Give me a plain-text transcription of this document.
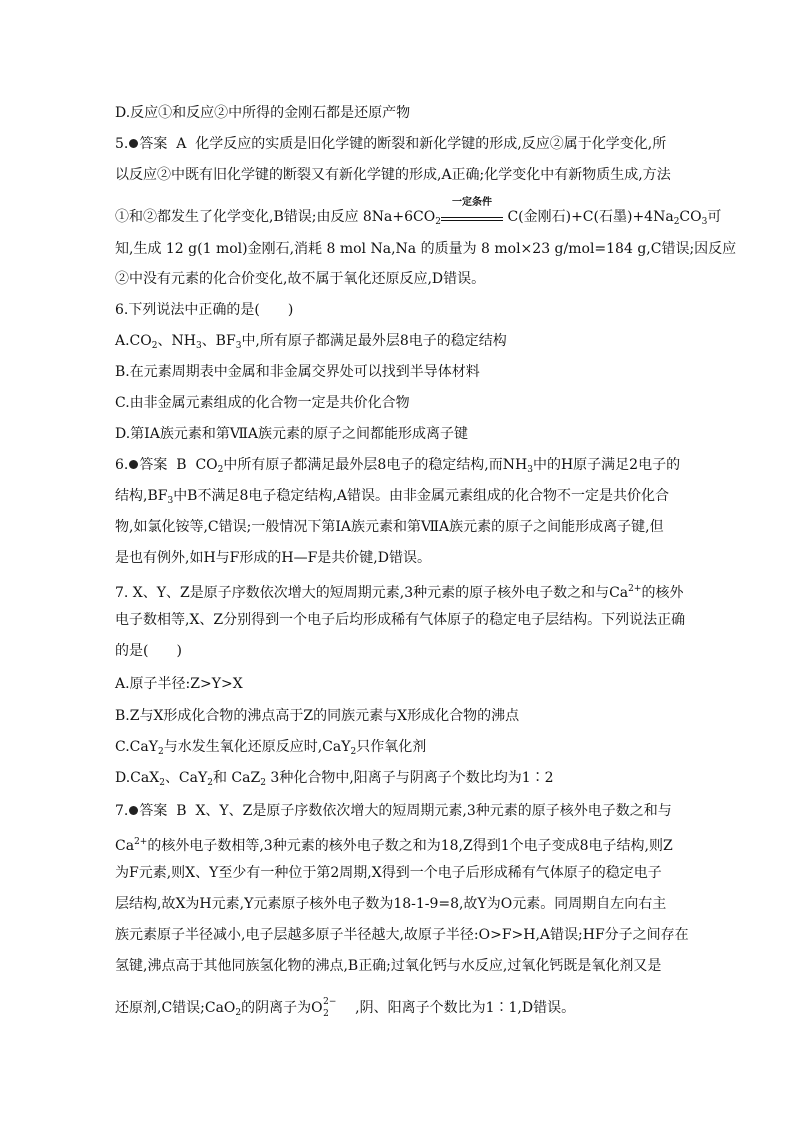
D.反应①和反应②中所得的金刚石都是还原产物
5. 答案 A 化学反应的实质是旧化学键的断裂和新化学键的形成,反应②属于化学变化,所
以反应②中既有旧化学键的断裂又有新化学键的形成,A正确;化学变化中有新物质生成,方法
①和②都发生了化学变化,B错误;由反应 $8Na+6CO_2$
一定条件
C(金刚石)+C(石墨)$+4Na_2CO_3$可
知,生成 12 g(1 mol)金刚石,消耗 8 mol Na,Na 的质量为 8 mol×23 g/mol=184 g,C错误;因反应
②中没有元素的化合价变化,故不属于氧化还原反应,D错误。
6.下列说法中正确的是(　　)
$A.CO_2$、$NH_3$、$BF_3$中,所有原子都满足最外层8电子的稳定结构
B.在元素周期表中金属和非金属交界处可以找到半导体材料
C.由非金属元素组成的化合物一定是共价化合物
D.第ⅠA族元素和第ⅦA族元素的原子之间都能形成离子键
6. 答案 B $CO_2$中所有原子都满足最外层8电子的稳定结构,而$NH_3$中的H原子满足2电子的
结构$,BF_3$中B不满足8电子稳定结构,A错误。由非金属元素组成的化合物不一定是共价化合
物,如氯化铵等,C错误;一般情况下第ⅠA族元素和第ⅦA族元素的原子之间能形成离子键,但
是也有例外,如H与F形成的H—F是共价键,D错误。
7. X、Y、Z是原子序数依次增大的短周期元素,3种元素的原子核外电子数之和与$Ca^{2+}$的核外
电子数相等,X、Z分别得到一个电子后均形成稀有气体原子的稳定电子层结构。下列说法正确
的是(　　)
A.原子半径:Z>Y>X
B.Z与X形成化合物的沸点高于Z的同族元素与X形成化合物的沸点
C.CaY$_2$与水发生氧化还原反应时,CaY$_2$只作氧化剂
D.CaX$_2$、CaY$_2$和 CaZ$_2$ 3种化合物中,阳离子与阴离子个数比均为1∶2
7. 答案 B X、Y、Z是原子序数依次增大的短周期元素,3种元素的原子核外电子数之和与
$Ca^{2+}$的核外电子数相等,3种元素的核外电子数之和为18,Z得到1个电子变成8电子结构,则Z
为F元素,则X、Y至少有一种位于第2周期,X得到一个电子后形成稀有气体原子的稳定电子
层结构,故X为H元素,Y元素原子核外电子数为18-1-9=8,故Y为O元素。同周期自左向右主
族元素原子半径减小,电子层越多原子半径越大,故原子半径:O>F>H,A错误;HF分子之间存在
氢键,沸点高于其他同族氢化物的沸点,B正确;过氧化钙与水反应,过氧化钙既是氧化剂又是
还原剂,C错误;CaO$_2$的阴离子为O 2−
2 ,阴、阳离子个数比为1∶1,D错误。
